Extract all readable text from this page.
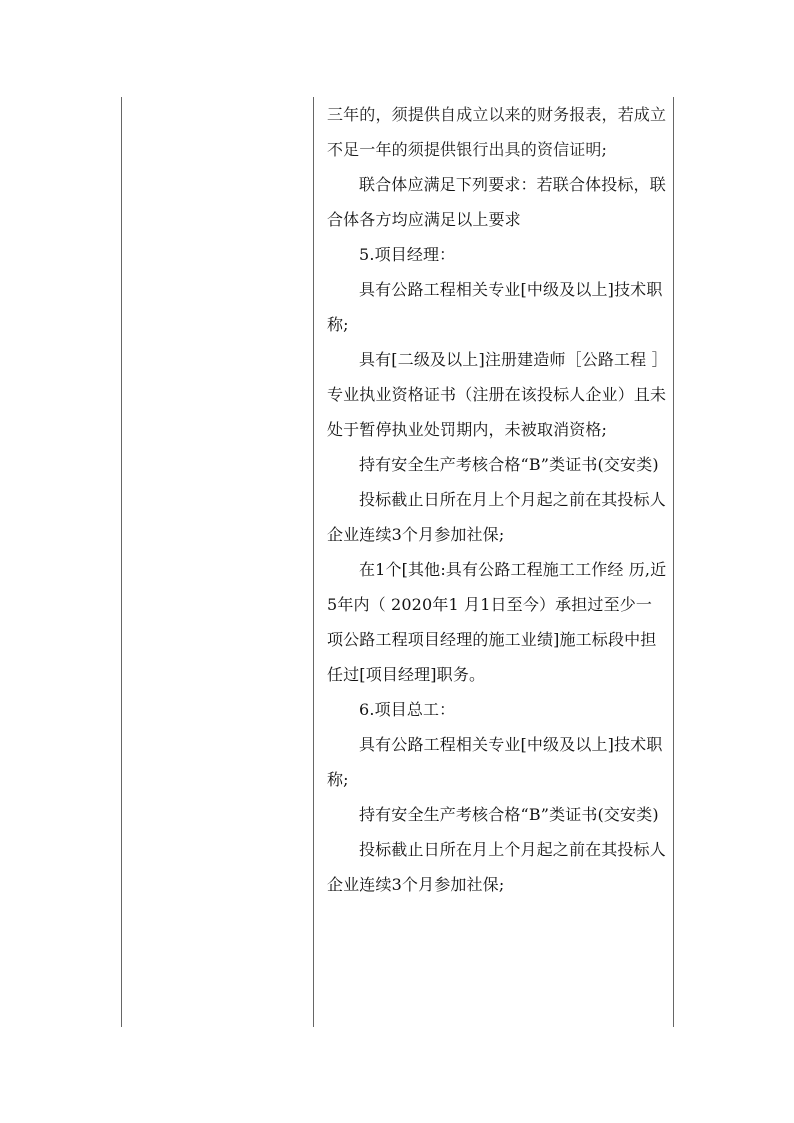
三年的，须提供自成立以来的财务报表，若成立不足一年的须提供银行出具的资信证明;

联合体应满足下列要求：若联合体投标，联合体各方均应满足以上要求

5.项目经理：

具有公路工程相关专业[中级及以上]技术职称;

具有[二级及以上]注册建造师［公路工程 ］专业执业资格证书（注册在该投标人企业）且未处于暂停执业处罚期内，未被取消资格;

持有安全生产考核合格“B”类证书(交安类)

投标截止日所在月上个月起之前在其投标人企业连续3个月参加社保;

在1个[其他:具有公路工程施工工作经 历,近5年内（ 2020年1 月1日至今）承担过至少一项公路工程项目经理的施工业绩]施工标段中担任过[项目经理]职务。

6.项目总工：

具有公路工程相关专业[中级及以上]技术职称;

持有安全生产考核合格“B”类证书(交安类)

投标截止日所在月上个月起之前在其投标人企业连续3个月参加社保;
